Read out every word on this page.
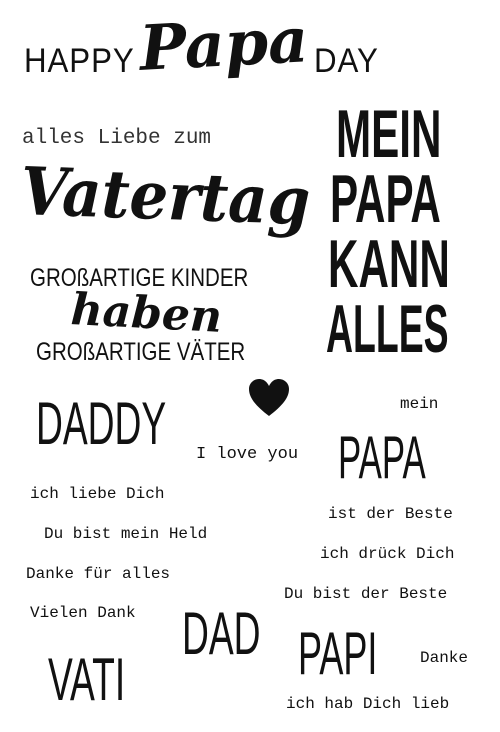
HAPPY Papa DAY
alles Liebe zum
Vatertag
GROßARTIGE KINDER
haben
GROßARTIGE VÄTER
MEIN
PAPA
KANN
ALLES
DADDY I love you
mein
PAPA
ich liebe Dich
Du bist mein Held
Danke für alles
Vielen Dank
ist der Beste
ich drück Dich
Du bist der Beste
DAD PAPI	Danke
VATI	ich hab Dich lieb
